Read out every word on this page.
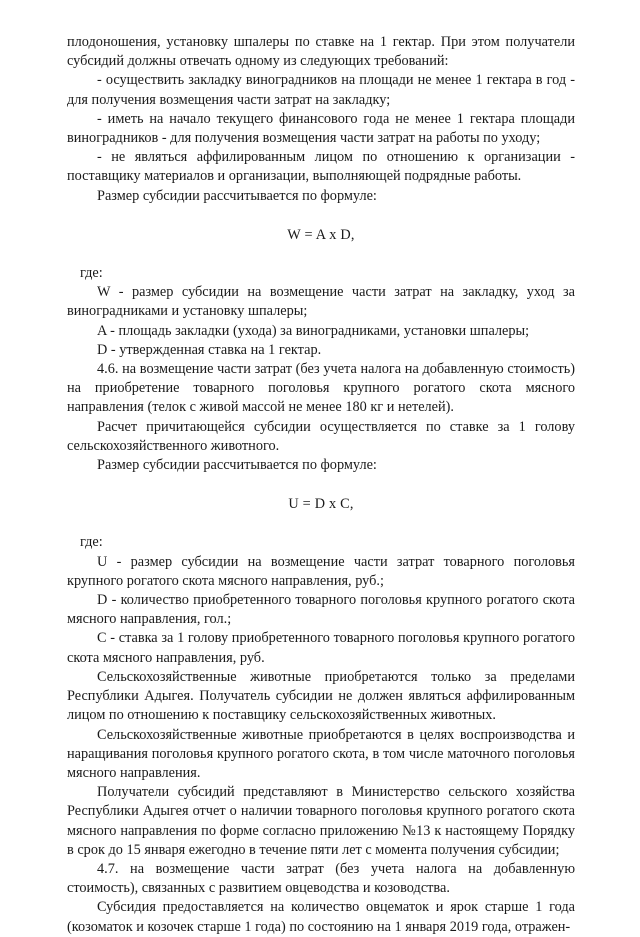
плодоношения, установку шпалеры по ставке на 1 гектар. При этом получатели субсидий должны отвечать одному из следующих требований:

- осуществить закладку виноградников на площади не менее 1 гектара в год - для получения возмещения части затрат на закладку;

- иметь на начало текущего финансового года не менее 1 гектара площади виноградников - для получения возмещения части затрат на работы по уходу;

- не являться аффилированным лицом по отношению к организации - поставщику материалов и организации, выполняющей подрядные работы.

Размер субсидии рассчитывается по формуле:

W = A x D,

где:

W - размер субсидии на возмещение части затрат на закладку, уход за виноградниками и установку шпалеры;

A - площадь закладки (ухода) за виноградниками, установки шпалеры;

D - утвержденная ставка на 1 гектар.

4.6. на возмещение части затрат (без учета налога на добавленную стоимость) на приобретение товарного поголовья крупного рогатого скота мясного направления (телок с живой массой не менее 180 кг и нетелей).

Расчет причитающейся субсидии осуществляется по ставке за 1 голову сельскохозяйственного животного.

Размер субсидии рассчитывается по формуле:

U = D x C,

где:

U - размер субсидии на возмещение части затрат товарного поголовья крупного рогатого скота мясного направления, руб.;

D - количество приобретенного товарного поголовья крупного рогатого скота мясного направления, гол.;

C - ставка за 1 голову приобретенного товарного поголовья крупного рогатого скота мясного направления, руб.

Сельскохозяйственные животные приобретаются только за пределами Республики Адыгея. Получатель субсидии не должен являться аффилированным лицом по отношению к поставщику сельскохозяйственных животных.

Сельскохозяйственные животные приобретаются в целях воспроизводства и наращивания поголовья крупного рогатого скота, в том числе маточного поголовья мясного направления.

Получатели субсидий представляют в Министерство сельского хозяйства Республики Адыгея отчет о наличии товарного поголовья крупного рогатого скота мясного направления по форме согласно приложению №13 к настоящему Порядку в срок до 15 января ежегодно в течение пяти лет с момента получения субсидии;

4.7. на возмещение части затрат (без учета налога на добавленную стоимость), связанных с развитием овцеводства и козоводства.

Субсидия предоставляется на количество овцематок и ярок старше 1 года (козоматок и козочек старше 1 года) по состоянию на 1 января 2019 года, отражен-
